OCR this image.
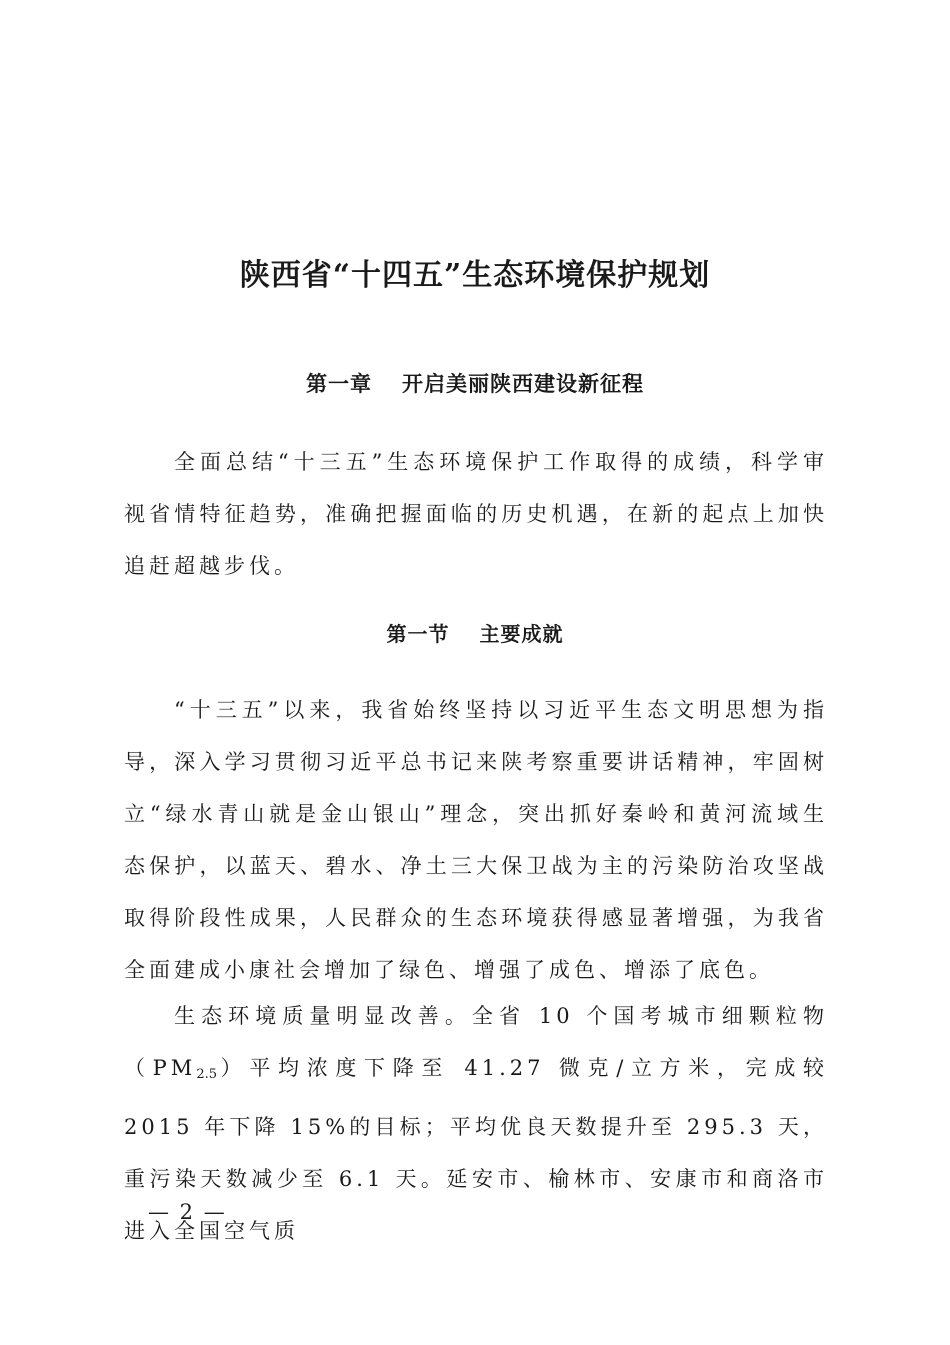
陕西省“十四五”生态环境保护规划
第一章 开启美丽陕西建设新征程

全面总结“十三五”生态环境保护工作取得的成绩，科学审视省情特征趋势，准确把握面临的历史机遇，在新的起点上加快追赶超越步伐。

第一节 主要成就

“十三五”以来，我省始终坚持以习近平生态文明思想为指导，深入学习贯彻习近平总书记来陕考察重要讲话精神，牢固树立“绿水青山就是金山银山”理念，突出抓好秦岭和黄河流域生态保护，以蓝天、碧水、净土三大保卫战为主的污染防治攻坚战取得阶段性成果，人民群众的生态环境获得感显著增强，为我省全面建成小康社会增加了绿色、增强了成色、增添了底色。

生态环境质量明显改善。全省 10 个国考城市细颗粒物$(PM_{2.5})$平均浓度下降至 41.27 微克/立方米，完成较 2015 年下降 15%的目标；平均优良天数提升至 295.3 天，重污染天数减少至 6.1 天。延安市、榆林市、安康市和商洛市进入全国空气质

— 2 —
